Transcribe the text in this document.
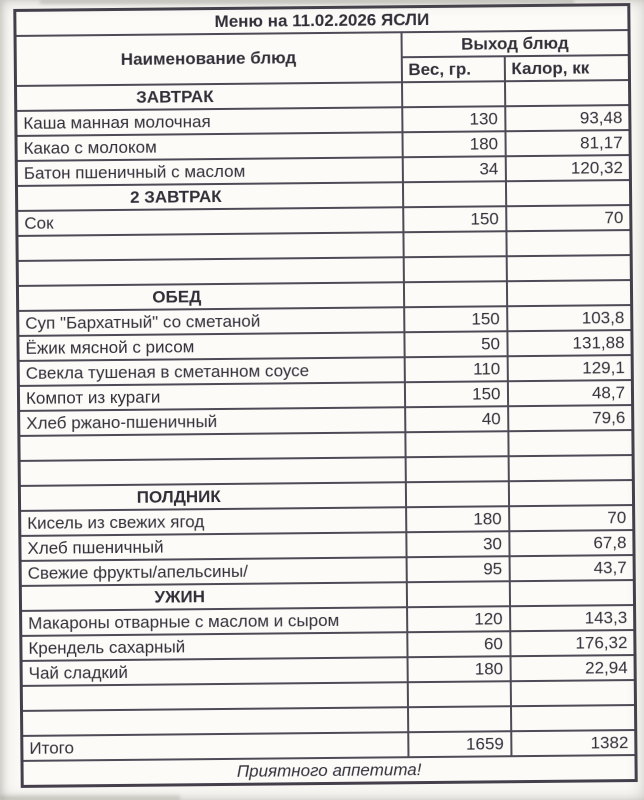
Меню на 11.02.2026 ЯСЛИ		
Наименование блюд	Выход блюд	
	Вес, гр.	Калор, кк
ЗАВТРАК		
Каша манная молочная	130	93,48
Какао с молоком	180	81,17
Батон пшеничный с маслом	34	120,32
2 ЗАВТРАК		
Сок	150	70

ОБЕД		
Суп "Бархатный" со сметаной	150	103,8
Ёжик мясной с рисом	50	131,88
Свекла тушеная в сметанном соусе	110	129,1
Компот из кураги	150	48,7
Хлеб ржано-пшеничный	40	79,6

ПОЛДНИК		
Кисель из свежих ягод	180	70
Хлеб пшеничный	30	67,8
Свежие фрукты/апельсины/	95	43,7
УЖИН		
Макароны отварные с маслом и сыром	120	143,3
Крендель сахарный	60	176,32
Чай сладкий	180	22,94

Итого	1659	1382
Приятного аппетита!		
